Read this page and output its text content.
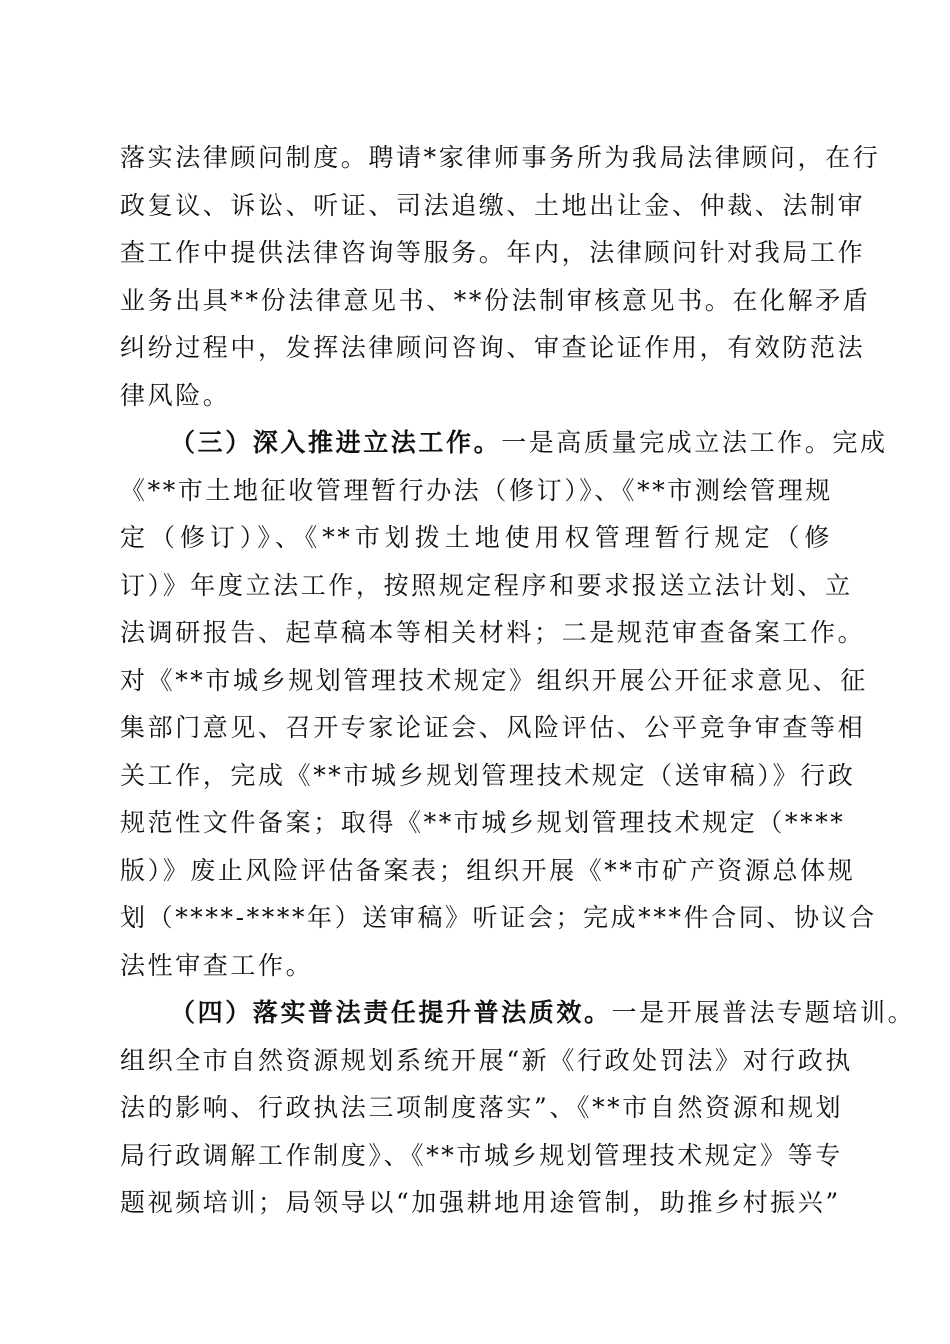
落实法律顾问制度。聘请*家律师事务所为我局法律顾问，在行
政复议、诉讼、听证、司法追缴、土地出让金、仲裁、法制审
查工作中提供法律咨询等服务。年内，法律顾问针对我局工作
业务出具**份法律意见书、**份法制审核意见书。在化解矛盾
纠纷过程中，发挥法律顾问咨询、审查论证作用，有效防范法
律风险。
（三）深入推进立法工作。一是高质量完成立法工作。完成
《**市土地征收管理暂行办法（修订）》、《**市测绘管理规
定（修订）》、《**市划拨土地使用权管理暂行规定（修
订）》年度立法工作，按照规定程序和要求报送立法计划、立
法调研报告、起草稿本等相关材料；二是规范审查备案工作。
对《**市城乡规划管理技术规定》组织开展公开征求意见、征
集部门意见、召开专家论证会、风险评估、公平竞争审查等相
关工作，完成《**市城乡规划管理技术规定（送审稿）》行政
规范性文件备案；取得《**市城乡规划管理技术规定（****
版）》废止风险评估备案表；组织开展《**市矿产资源总体规
划（****-****年）送审稿》听证会；完成***件合同、协议合
法性审查工作。
（四）落实普法责任提升普法质效。一是开展普法专题培训。
组织全市自然资源规划系统开展“新《行政处罚法》对行政执
法的影响、行政执法三项制度落实”、《**市自然资源和规划
局行政调解工作制度》、《**市城乡规划管理技术规定》等专
题视频培训；局领导以“加强耕地用途管制，助推乡村振兴”
